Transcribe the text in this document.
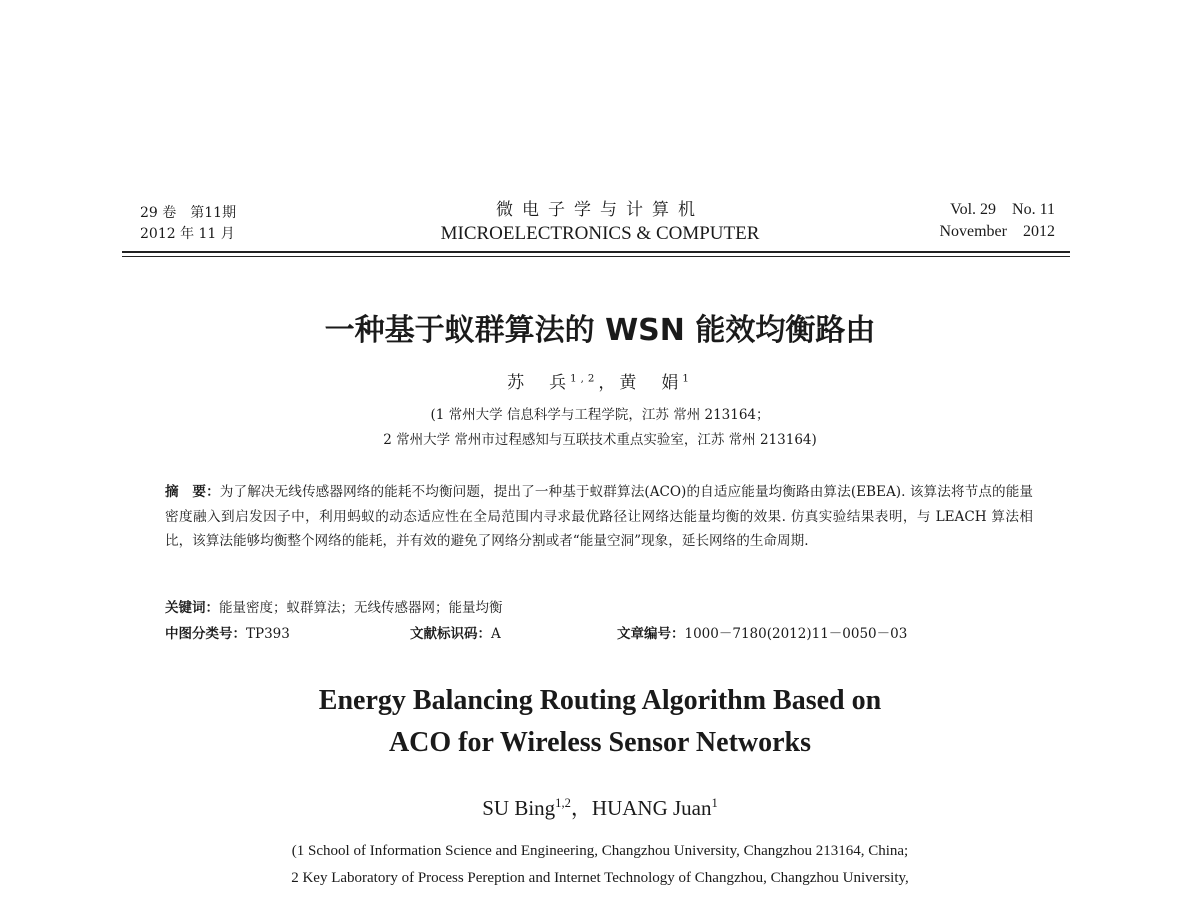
29 卷　第11期
2012 年 11 月
微电子学与计算机
MICROELECTRONICS & COMPUTER
Vol. 29　No. 11
November　2012
一种基于蚁群算法的 WSN 能效均衡路由
苏　兵$^{1,2}$，黄　娟$^1$
(1 常州大学 信息科学与工程学院，江苏 常州 213164；
2 常州大学 常州市过程感知与互联技术重点实验室，江苏 常州 213164)
摘　要：为了解决无线传感器网络的能耗不均衡问题，提出了一种基于蚁群算法(ACO)的自适应能量均衡路由算法(EBEA). 该算法将节点的能量密度融入到启发因子中，利用蚂蚁的动态适应性在全局范围内寻求最优路径让网络达能量均衡的效果. 仿真实验结果表明，与 LEACH 算法相比，该算法能够均衡整个网络的能耗，并有效的避免了网络分割或者“能量空洞”现象，延长网络的生命周期.
关键词：能量密度；蚁群算法；无线传感器网；能量均衡
中图分类号：TP393	文献标识码：A	文章编号：1000－7180(2012)11－0050－03
Energy Balancing Routing Algorithm Based on
ACO for Wireless Sensor Networks
SU Bing$^{1,2}$，HUANG Juan$^1$
(1 School of Information Science and Engineering, Changzhou University, Changzhou 213164, China;
2 Key Laboratory of Process Pereption and Internet Technology of Changzhou, Changzhou University,
